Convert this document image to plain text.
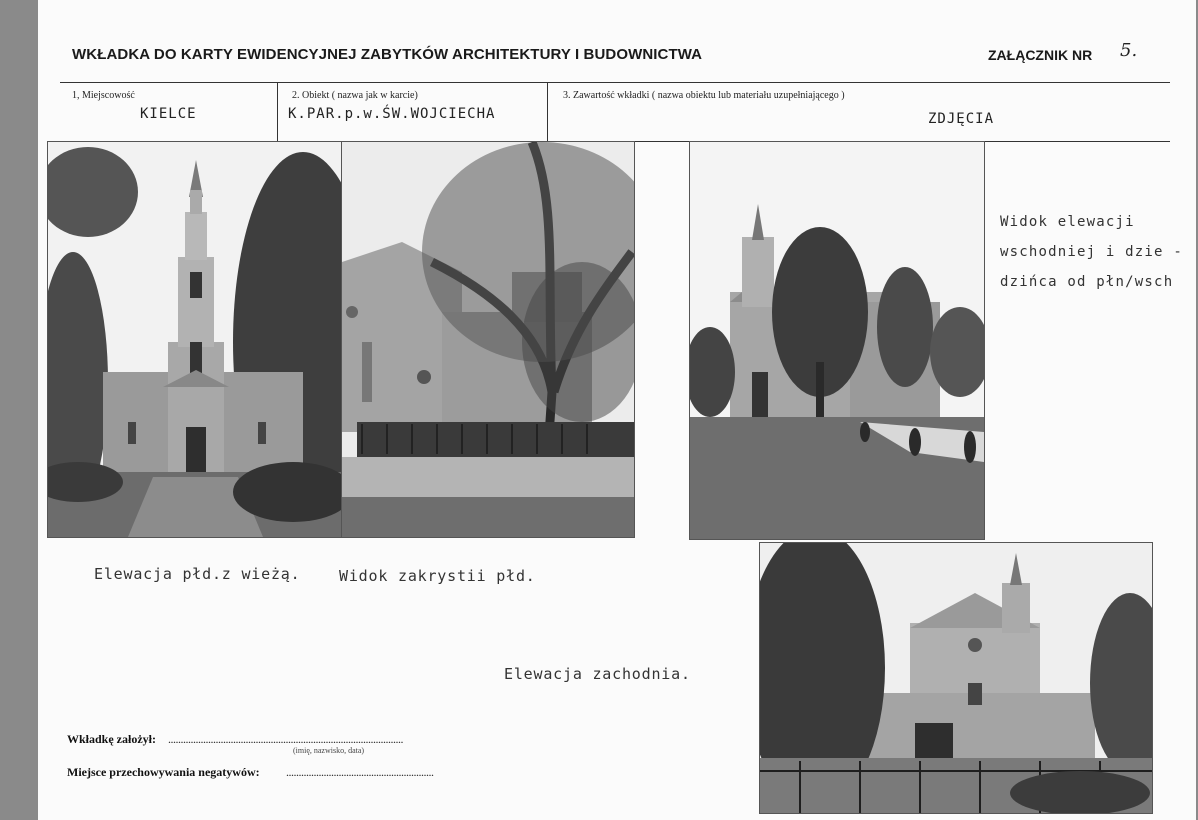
WKŁADKA DO KARTY EWIDENCYJNEJ ZABYTKÓW ARCHITEKTURY I BUDOWNICTWA	ZAŁĄCZNIK NR 5.
1, Miejscowość
KIELCE
2. Obiekt ( nazwa jak w karcie)
K.PAR.p.w.ŚW.WOJCIECHA
3. Zawartość wkładki ( nazwa obiektu lub materiału uzupełniającego )
ZDJĘCIA
Elewacja płd.z wieżą.	Widok zakrystii płd.
Elewacja zachodnia.
Widok elewacji
wschodniej i dzie -
dzińca od płn/wsch
Wkładkę założył: ..............................................................................................
(imię, nazwisko, data)
Miejsce przechowywania negatywów: ...........................................................
